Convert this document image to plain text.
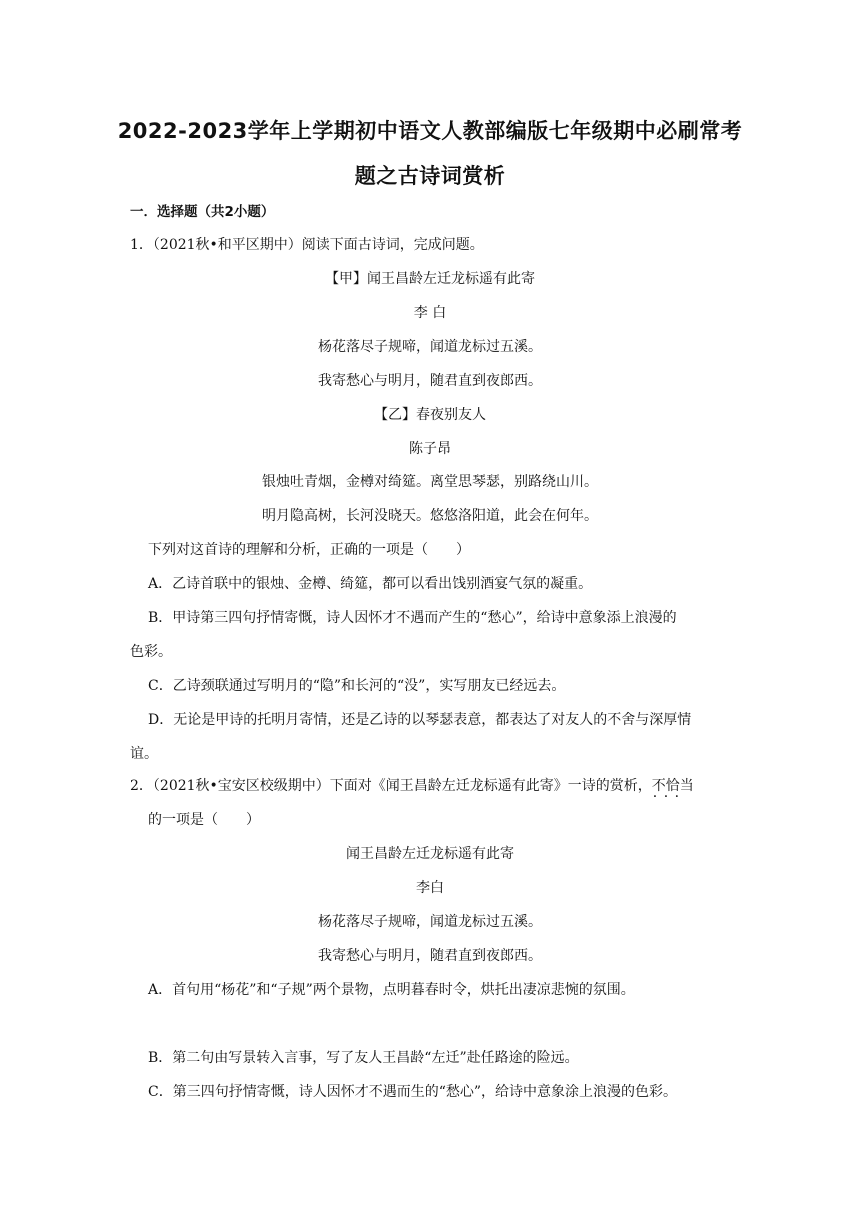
2022-2023学年上学期初中语文人教部编版七年级期中必刷常考
题之古诗词赏析
一．选择题（共2小题）
1．（2021秋•和平区期中）阅读下面古诗词，完成问题。
【甲】闻王昌龄左迁龙标遥有此寄
李 白
杨花落尽子规啼，闻道龙标过五溪。
我寄愁心与明月，随君直到夜郎西。
【乙】春夜别友人
陈子昂
银烛吐青烟，金樽对绮筵。离堂思琴瑟，别路绕山川。
明月隐高树，长河没晓天。悠悠洛阳道，此会在何年。
下列对这首诗的理解和分析，正确的一项是（　　）
A．乙诗首联中的银烛、金樽、绮筵，都可以看出饯别酒宴气氛的凝重。
B．甲诗第三四句抒情寄慨，诗人因怀才不遇而产生的“愁心”，给诗中意象添上浪漫的
色彩。
C．乙诗颈联通过写明月的“隐”和长河的“没”，实写朋友已经远去。
D．无论是甲诗的托明月寄情，还是乙诗的以琴瑟表意，都表达了对友人的不舍与深厚情
谊。
2．（2021秋•宝安区校级期中）下面对《闻王昌龄左迁龙标遥有此寄》一诗的赏析，不恰当 · · ·
的一项是（　　）
闻王昌龄左迁龙标遥有此寄
李白
杨花落尽子规啼，闻道龙标过五溪。
我寄愁心与明月，随君直到夜郎西。
A．首句用“杨花”和“子规”两个景物，点明暮春时令，烘托出凄凉悲惋的氛围。
B．第二句由写景转入言事，写了友人王昌龄“左迁”赴任路途的险远。
C．第三四句抒情寄慨，诗人因怀才不遇而生的“愁心”，给诗中意象涂上浪漫的色彩。
